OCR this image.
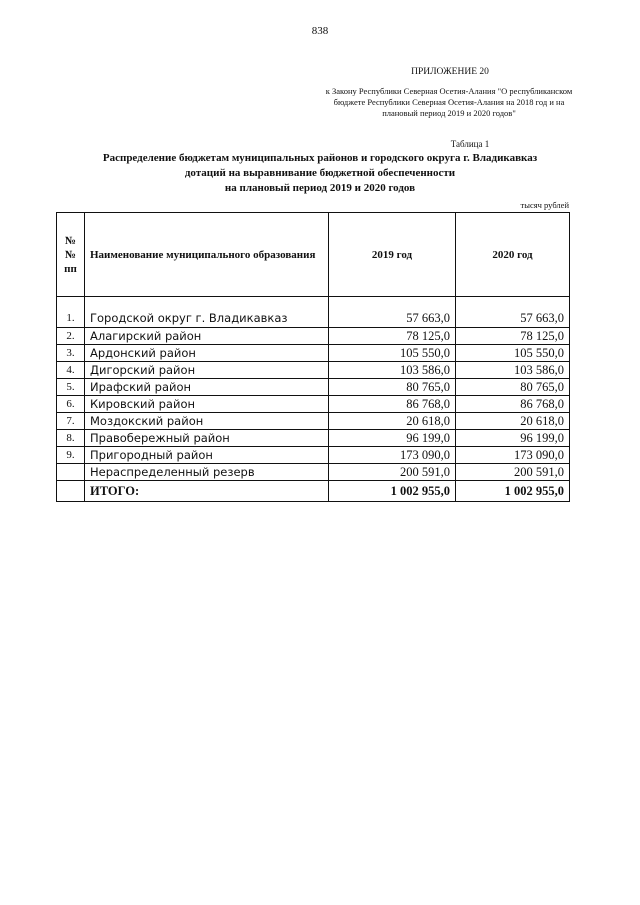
838
ПРИЛОЖЕНИЕ 20
к Закону Республики Северная Осетия-Алания "О республиканском бюджете Республики Северная Осетия-Алания на 2018 год и на плановый период 2019 и 2020 годов"
Таблица 1
Распределение бюджетам муниципальных районов и городского округа г. Владикавказ
дотаций на выравнивание бюджетной обеспеченности
на плановый период 2019 и 2020 годов
тысяч рублей
№№ пп	Наименование муниципального образования	2019 год	2020 год
1.	Городской округ г. Владикавказ	57 663,0	57 663,0
2.	Алагирский район	78 125,0	78 125,0
3.	Ардонский район	105 550,0	105 550,0
4.	Дигорский район	103 586,0	103 586,0
5.	Ирафский район	80 765,0	80 765,0
6.	Кировский район	86 768,0	86 768,0
7.	Моздокский район	20 618,0	20 618,0
8.	Правобережный район	96 199,0	96 199,0
9.	Пригородный район	173 090,0	173 090,0
	Нераспределенный резерв	200 591,0	200 591,0
	ИТОГО:	1 002 955,0	1 002 955,0
